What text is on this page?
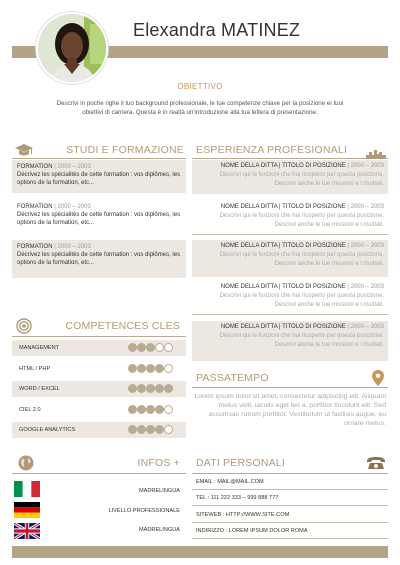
Elexandra MATINEZ
OBIETTIVO
Descrivi in poche righe il tuo background professionale, le tue competenze chiave per la posizione ei tuoi obiettivi di carriera. Questa è in realtà un'introduzione alla tua lettera di presentazione.
STUDI E FORMAZIONE
FORMATION | 2000 – 2003
Décrivez les spécialités de cette formation : vos diplômes, les options de la formation, etc...
FORMATION | 2000 – 2003
Décrivez les spécialités de cette formation : vos diplômes, les options de la formation, etc...
FORMATION | 2000 – 2003
Décrivez les spécialités de cette formation : vos diplômes, les options de la formation, etc...
ESPERIENZA PROFESIONALI
NOME DELLA DITTA | TITOLO DI POSIZIONE | 2000 – 2003
Descrivi qui le funzioni che hai ricoperto per questa posizione.
Descrivi anche le tue missioni e i risultati.
NOME DELLA DITTA | TITOLO DI POSIZIONE | 2000 – 2003
Descrivi qui le funzioni che hai ricoperto per questa posizione.
Descrivi anche le tue missioni e i risultati.
NOME DELLA DITTA | TITOLO DI POSIZIONE | 2000 – 2003
Descrivi qui le funzioni che hai ricoperto per questa posizione.
Descrivi anche le tue missioni e i risultati.
NOME DELLA DITTA | TITOLO DI POSIZIONE | 2000 – 2003
Descrivi qui le funzioni che hai ricoperto per questa posizione.
Descrivi anche le tue missioni e i risultati.
NOME DELLA DITTA | TITOLO DI POSIZIONE | 2000 – 2003
Descrivi qui le funzioni che hai ricoperto per questa posizione.
Descrivi anche le tue missioni e i risultati.
COMPETENCES CLES
MANAGEMENT
HTML / PHP
WORD / EXCEL
CIEL 2.0
GOOGLE ANALYTICS
PASSATEMPO
Lorem ipsum dolor sit amet, consectetur adipiscing elit. Aliquam metus velit, iaculis eget leo a, porttitor tincidunt elit. Sed accumsan rutrum porttitor. Vestibulum ut facilisis augue, eu ornare metus.
INFOS +
MADRELINGUA
LIVELLO PROFESSIONALE
MADRELINGUA
DATI PERSONALI
EMAIL : MAIL@MAIL.COM
TEL : 111 222 333 – 999 888 777
SITEWEB : HTTP://WWW.SITE.COM
INDIRIZZO : LOREM IPSUM DOLOR ROMA
